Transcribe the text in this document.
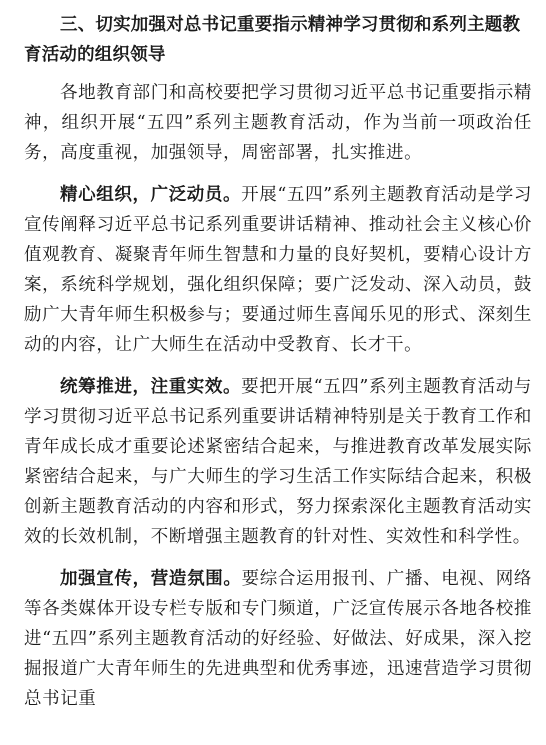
三、切实加强对总书记重要指示精神学习贯彻和系列主题教育活动的组织领导

各地教育部门和高校要把学习贯彻习近平总书记重要指示精神，组织开展“五四”系列主题教育活动，作为当前一项政治任务，高度重视，加强领导，周密部署，扎实推进。

精心组织，广泛动员。开展“五四”系列主题教育活动是学习宣传阐释习近平总书记系列重要讲话精神、推动社会主义核心价值观教育、凝聚青年师生智慧和力量的良好契机，要精心设计方案，系统科学规划，强化组织保障；要广泛发动、深入动员，鼓励广大青年师生积极参与；要通过师生喜闻乐见的形式、深刻生动的内容，让广大师生在活动中受教育、长才干。

统筹推进，注重实效。要把开展“五四”系列主题教育活动与学习贯彻习近平总书记系列重要讲话精神特别是关于教育工作和青年成长成才重要论述紧密结合起来，与推进教育改革发展实际紧密结合起来，与广大师生的学习生活工作实际结合起来，积极创新主题教育活动的内容和形式，努力探索深化主题教育活动实效的长效机制，不断增强主题教育的针对性、实效性和科学性。

加强宣传，营造氛围。要综合运用报刊、广播、电视、网络等各类媒体开设专栏专版和专门频道，广泛宣传展示各地各校推进“五四”系列主题教育活动的好经验、好做法、好成果，深入挖掘报道广大青年师生的先进典型和优秀事迹，迅速营造学习贯彻总书记重
